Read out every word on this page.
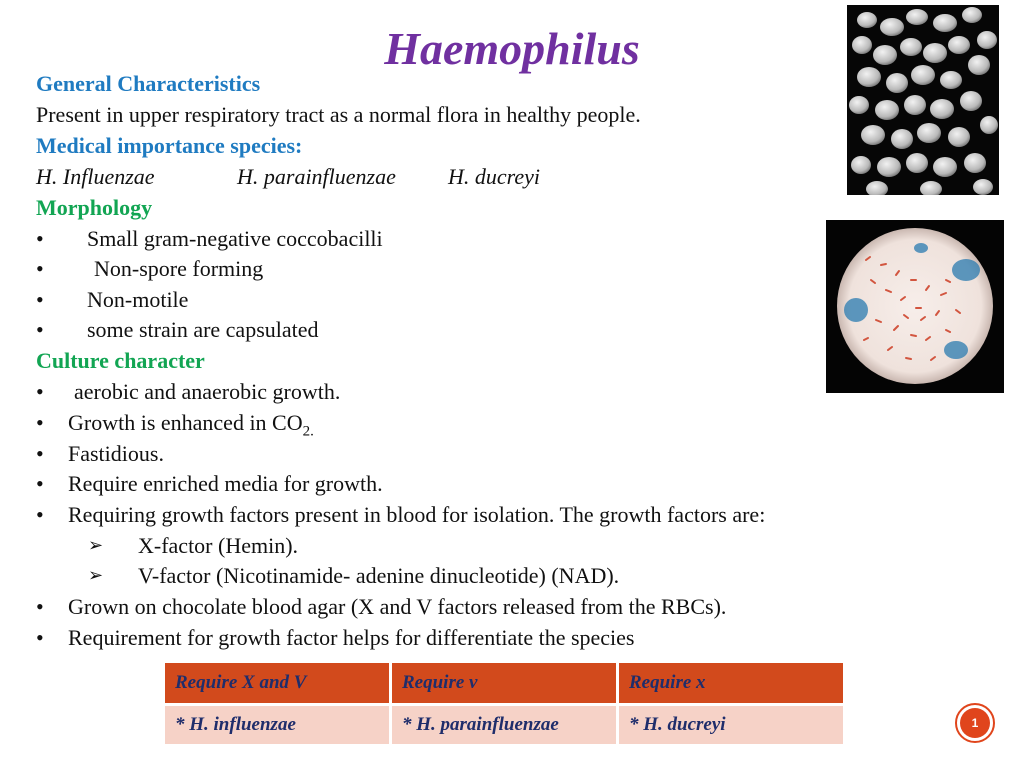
Haemophilus
General Characteristics
Present in upper respiratory tract as a normal flora in healthy people.
Medical importance species:
H. Influenzae	H. parainfluenzae H. ducreyi
Morphology
• Small gram-negative coccobacilli
• Non-spore forming
• Non-motile
• some strain are capsulated
Culture character
• aerobic and anaerobic growth.
• Growth is enhanced in $CO_{2.}$
• Fastidious.
• Require enriched media for growth.
• Requiring growth factors present in blood for isolation. The growth factors are:
➢ X-factor (Hemin).
➢ V-factor (Nicotinamide- adenine dinucleotide) (NAD).
• Grown on chocolate blood agar (X and V factors released from the RBCs).
• Requirement for growth factor helps for differentiate the species
Require X and V	Require v	Require x
* H. influenzae	* H. parainfluenzae	* H. ducreyi	1
